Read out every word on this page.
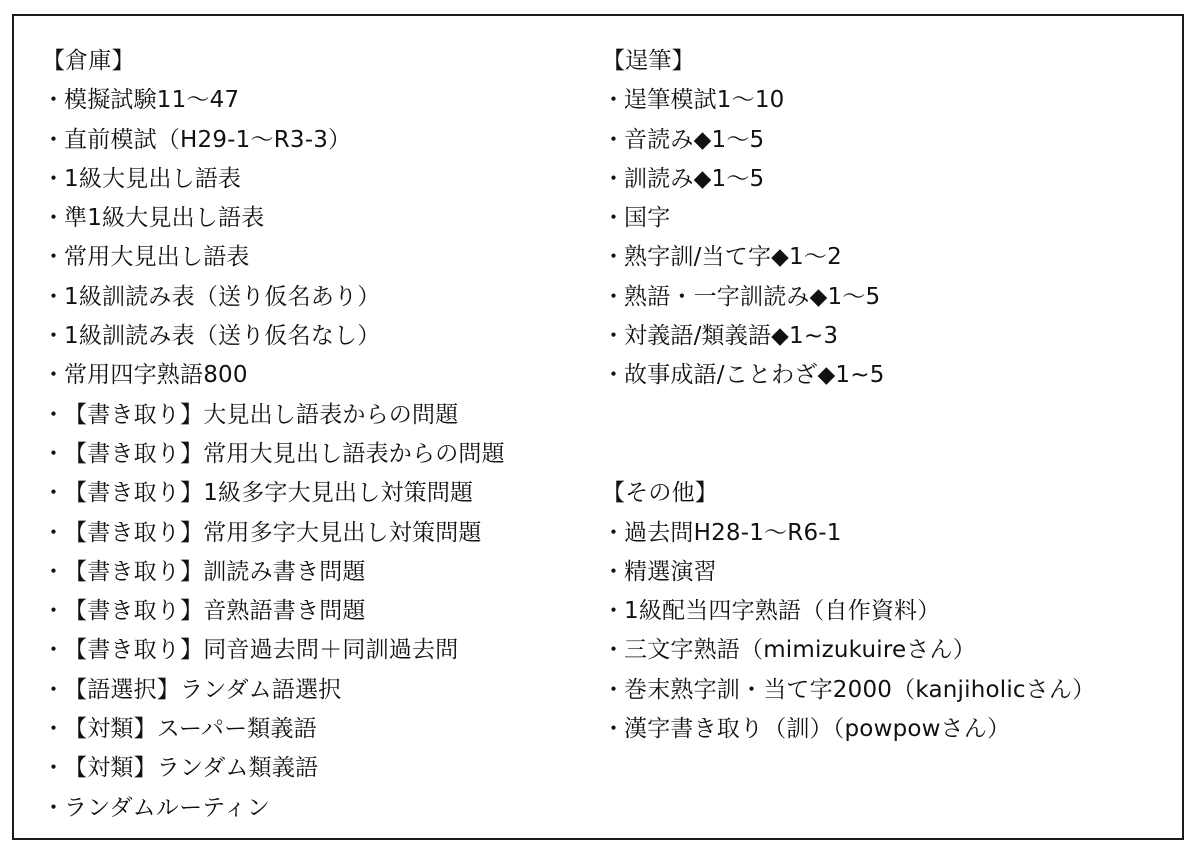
【倉庫】
・模擬試験11〜47
・直前模試（H29-1〜R3-3）
・1級大見出し語表
・準1級大見出し語表
・常用大見出し語表
・1級訓読み表（送り仮名あり）
・1級訓読み表（送り仮名なし）
・常用四字熟語800
・【書き取り】大見出し語表からの問題
・【書き取り】常用大見出し語表からの問題
・【書き取り】1級多字大見出し対策問題
・【書き取り】常用多字大見出し対策問題
・【書き取り】訓読み書き問題
・【書き取り】音熟語書き問題
・【書き取り】同音過去問＋同訓過去問
・【語選択】ランダム語選択
・【対類】スーパー類義語
・【対類】ランダム類義語
・ランダムルーティン
【逞筆】
・逞筆模試1〜10
・音読み◆1〜5
・訓読み◆1〜5
・国字
・熟字訓/当て字◆1〜2
・熟語・一字訓読み◆1〜5
・対義語/類義語◆1~3
・故事成語/ことわざ◆1~5
【その他】
・過去問H28-1〜R6-1
・精選演習
・1級配当四字熟語（自作資料）
・三文字熟語（mimizukuireさん）
・巻末熟字訓・当て字2000（kanjiholicさん）
・漢字書き取り（訓）（powpowさん）
